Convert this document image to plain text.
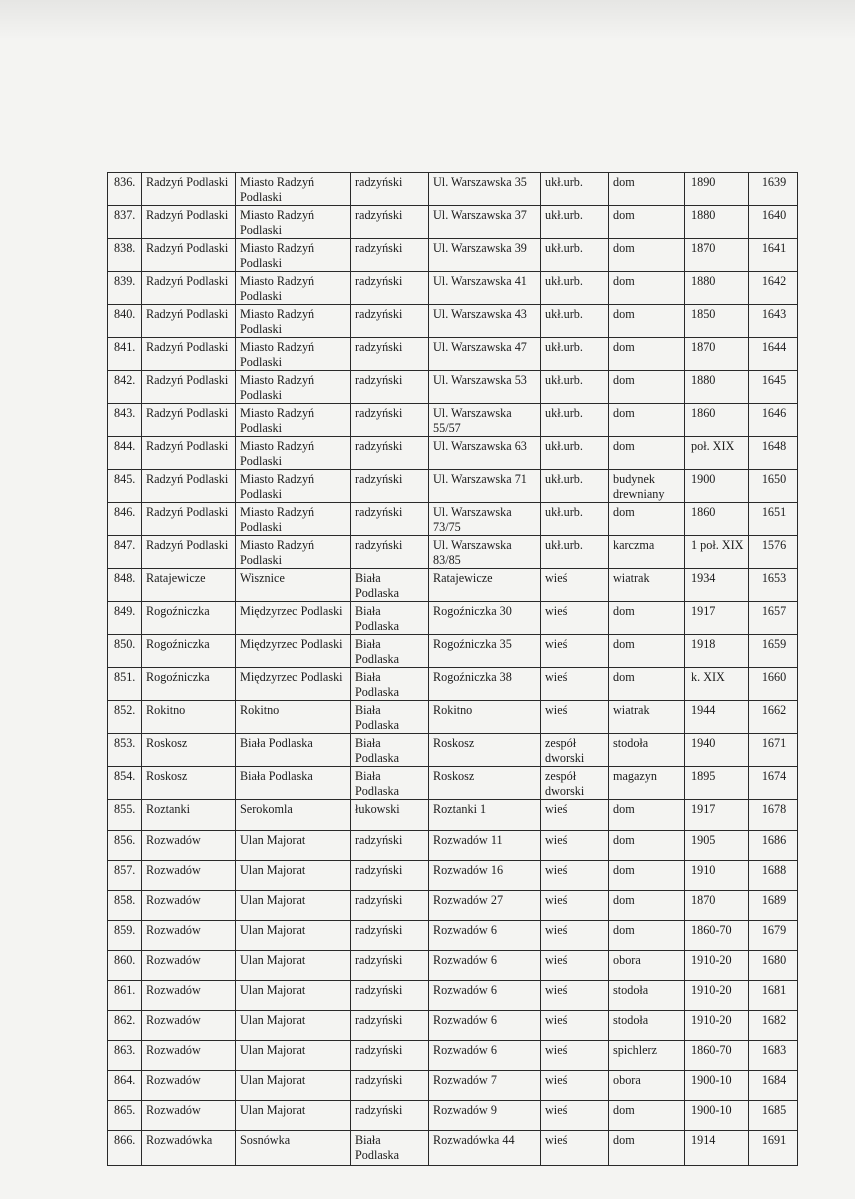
836.	Radzyń Podlaski	Miasto Radzyń Podlaski	radzyński	Ul. Warszawska 35	ukł.urb.	dom	1890	1639
837.	Radzyń Podlaski	Miasto Radzyń Podlaski	radzyński	Ul. Warszawska 37	ukł.urb.	dom	1880	1640
838.	Radzyń Podlaski	Miasto Radzyń Podlaski	radzyński	Ul. Warszawska 39	ukł.urb.	dom	1870	1641
839.	Radzyń Podlaski	Miasto Radzyń Podlaski	radzyński	Ul. Warszawska 41	ukł.urb.	dom	1880	1642
840.	Radzyń Podlaski	Miasto Radzyń Podlaski	radzyński	Ul. Warszawska 43	ukł.urb.	dom	1850	1643
841.	Radzyń Podlaski	Miasto Radzyń Podlaski	radzyński	Ul. Warszawska 47	ukł.urb.	dom	1870	1644
842.	Radzyń Podlaski	Miasto Radzyń Podlaski	radzyński	Ul. Warszawska 53	ukł.urb.	dom	1880	1645
843.	Radzyń Podlaski	Miasto Radzyń Podlaski	radzyński	Ul. Warszawska 55/57	ukł.urb.	dom	1860	1646
844.	Radzyń Podlaski	Miasto Radzyń Podlaski	radzyński	Ul. Warszawska 63	ukł.urb.	dom	poł. XIX	1648
845.	Radzyń Podlaski	Miasto Radzyń Podlaski	radzyński	Ul. Warszawska 71	ukł.urb.	budynek drewniany	1900	1650
846.	Radzyń Podlaski	Miasto Radzyń Podlaski	radzyński	Ul. Warszawska 73/75	ukł.urb.	dom	1860	1651
847.	Radzyń Podlaski	Miasto Radzyń Podlaski	radzyński	Ul. Warszawska 83/85	ukł.urb.	karczma	1 poł. XIX	1576
848.	Ratajewicze	Wisznice	Biała Podlaska	Ratajewicze	wieś	wiatrak	1934	1653
849.	Rogoźniczka	Międzyrzec Podlaski	Biała Podlaska	Rogoźniczka 30	wieś	dom	1917	1657
850.	Rogoźniczka	Międzyrzec Podlaski	Biała Podlaska	Rogoźniczka 35	wieś	dom	1918	1659
851.	Rogoźniczka	Międzyrzec Podlaski	Biała Podlaska	Rogoźniczka 38	wieś	dom	k. XIX	1660
852.	Rokitno	Rokitno	Biała Podlaska	Rokitno	wieś	wiatrak	1944	1662
853.	Roskosz	Biała Podlaska	Biała Podlaska	Roskosz	zespół dworski	stodoła	1940	1671
854.	Roskosz	Biała Podlaska	Biała Podlaska	Roskosz	zespół dworski	magazyn	1895	1674
855.	Roztanki	Serokomla	łukowski	Roztanki 1	wieś	dom	1917	1678
856.	Rozwadów	Ulan Majorat	radzyński	Rozwadów 11	wieś	dom	1905	1686
857.	Rozwadów	Ulan Majorat	radzyński	Rozwadów 16	wieś	dom	1910	1688
858.	Rozwadów	Ulan Majorat	radzyński	Rozwadów 27	wieś	dom	1870	1689
859.	Rozwadów	Ulan Majorat	radzyński	Rozwadów 6	wieś	dom	1860-70	1679
860.	Rozwadów	Ulan Majorat	radzyński	Rozwadów 6	wieś	obora	1910-20	1680
861.	Rozwadów	Ulan Majorat	radzyński	Rozwadów 6	wieś	stodoła	1910-20	1681
862.	Rozwadów	Ulan Majorat	radzyński	Rozwadów 6	wieś	stodoła	1910-20	1682
863.	Rozwadów	Ulan Majorat	radzyński	Rozwadów 6	wieś	spichlerz	1860-70	1683
864.	Rozwadów	Ulan Majorat	radzyński	Rozwadów 7	wieś	obora	1900-10	1684
865.	Rozwadów	Ulan Majorat	radzyński	Rozwadów 9	wieś	dom	1900-10	1685
866.	Rozwadówka	Sosnówka	Biała Podlaska	Rozwadówka 44	wieś	dom	1914	1691
